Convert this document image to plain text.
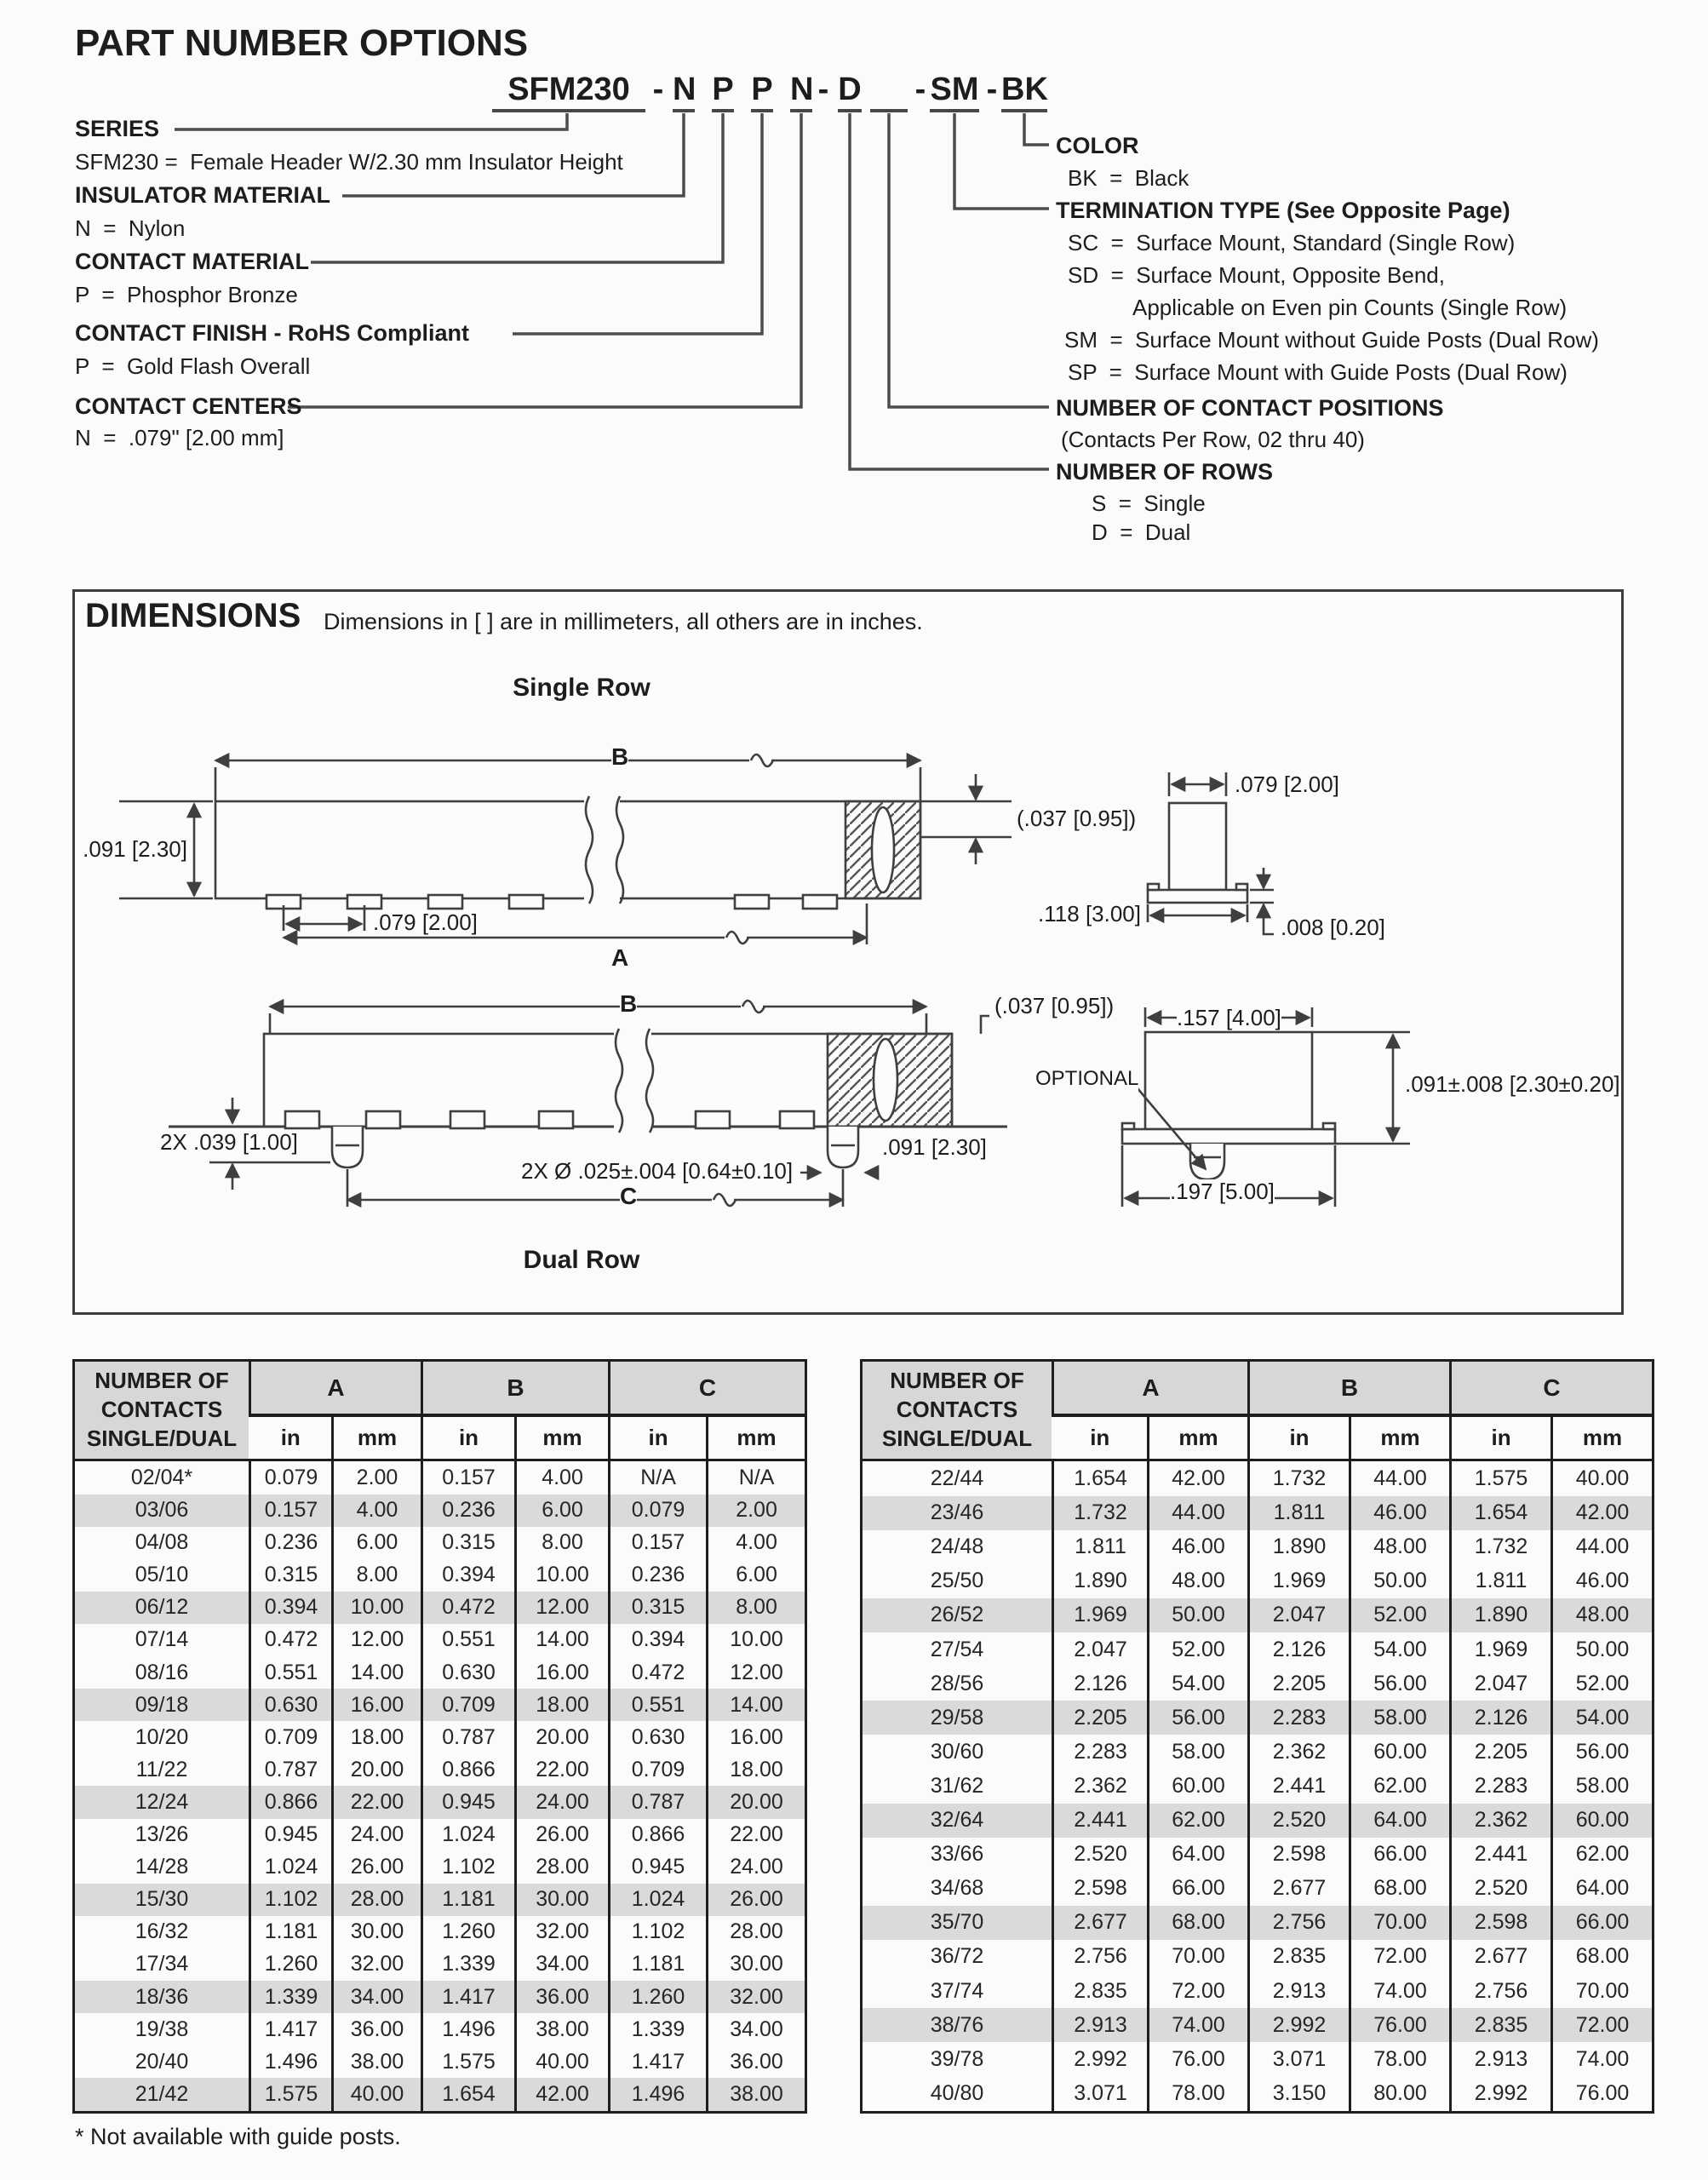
PART NUMBER OPTIONS
SFM230 - N P P N - D - SM - BK
SERIES
SFM230 =  Female Header W/2.30 mm Insulator Height
INSULATOR MATERIAL
N  =  Nylon
CONTACT MATERIAL
P  =  Phosphor Bronze
CONTACT FINISH - RoHS Compliant
P  =  Gold Flash Overall
CONTACT CENTERS
N  =  .079" [2.00 mm]
COLOR
BK  =  Black
TERMINATION TYPE (See Opposite Page)
SC  =  Surface Mount, Standard (Single Row)
SD  =  Surface Mount, Opposite Bend,
Applicable on Even pin Counts (Single Row)
SM  =  Surface Mount without Guide Posts (Dual Row)
SP  =  Surface Mount with Guide Posts (Dual Row)
NUMBER OF CONTACT POSITIONS
(Contacts Per Row, 02 thru 40)
NUMBER OF ROWS
S  =  Single
D  =  Dual
DIMENSIONS Dimensions in [ ] are in millimeters, all others are in inches.
Single Row
Dual Row
B
A
.091 [2.30]
.079 [2.00]
(.037 [0.95])
.079 [2.00]
.118 [3.00]
.008 [0.20]
B
C
2X .039 [1.00]
2X Ø .025±.004 [0.64±0.10]
.091 [2.30]
(.037 [0.95])	.157 [4.00]
OPTIONAL	.091±.008 [2.30±0.20]
.197 [5.00]
NUMBER OF
CONTACTS
SINGLE/DUAL	A		B		C	
	in	mm	in	mm	in	mm
02/04*	0.079	2.00	0.157	4.00	N/A	N/A
03/06	0.157	4.00	0.236	6.00	0.079	2.00
04/08	0.236	6.00	0.315	8.00	0.157	4.00
05/10	0.315	8.00	0.394	10.00	0.236	6.00
06/12	0.394	10.00	0.472	12.00	0.315	8.00
07/14	0.472	12.00	0.551	14.00	0.394	10.00
08/16	0.551	14.00	0.630	16.00	0.472	12.00
09/18	0.630	16.00	0.709	18.00	0.551	14.00
10/20	0.709	18.00	0.787	20.00	0.630	16.00
11/22	0.787	20.00	0.866	22.00	0.709	18.00
12/24	0.866	22.00	0.945	24.00	0.787	20.00
13/26	0.945	24.00	1.024	26.00	0.866	22.00
14/28	1.024	26.00	1.102	28.00	0.945	24.00
15/30	1.102	28.00	1.181	30.00	1.024	26.00
16/32	1.181	30.00	1.260	32.00	1.102	28.00
17/34	1.260	32.00	1.339	34.00	1.181	30.00
18/36	1.339	34.00	1.417	36.00	1.260	32.00
19/38	1.417	36.00	1.496	38.00	1.339	34.00
20/40	1.496	38.00	1.575	40.00	1.417	36.00
21/42	1.575	40.00	1.654	42.00	1.496	38.00
NUMBER OF
CONTACTS
SINGLE/DUAL	A		B		C	
	in	mm	in	mm	in	mm
22/44	1.654	42.00	1.732	44.00	1.575	40.00
23/46	1.732	44.00	1.811	46.00	1.654	42.00
24/48	1.811	46.00	1.890	48.00	1.732	44.00
25/50	1.890	48.00	1.969	50.00	1.811	46.00
26/52	1.969	50.00	2.047	52.00	1.890	48.00
27/54	2.047	52.00	2.126	54.00	1.969	50.00
28/56	2.126	54.00	2.205	56.00	2.047	52.00
29/58	2.205	56.00	2.283	58.00	2.126	54.00
30/60	2.283	58.00	2.362	60.00	2.205	56.00
31/62	2.362	60.00	2.441	62.00	2.283	58.00
32/64	2.441	62.00	2.520	64.00	2.362	60.00
33/66	2.520	64.00	2.598	66.00	2.441	62.00
34/68	2.598	66.00	2.677	68.00	2.520	64.00
35/70	2.677	68.00	2.756	70.00	2.598	66.00
36/72	2.756	70.00	2.835	72.00	2.677	68.00
37/74	2.835	72.00	2.913	74.00	2.756	70.00
38/76	2.913	74.00	2.992	76.00	2.835	72.00
39/78	2.992	76.00	3.071	78.00	2.913	74.00
40/80	3.071	78.00	3.150	80.00	2.992	76.00

* Not available with guide posts.
